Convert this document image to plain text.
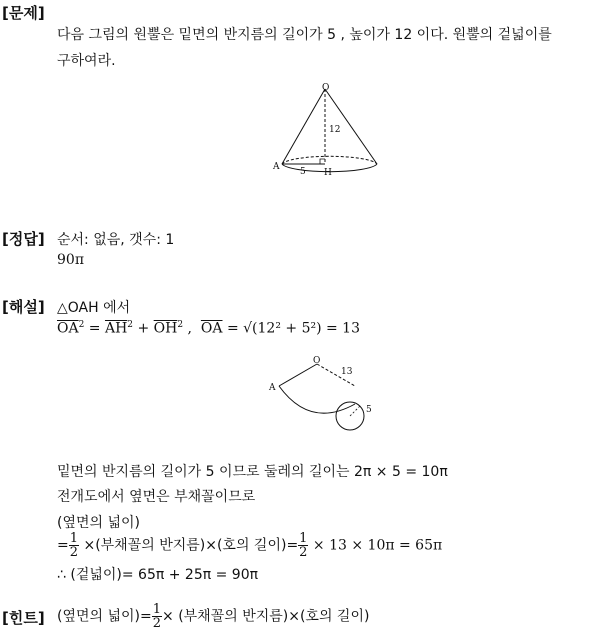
[문제]
다음 그림의 원뿔은 밑면의 반지름의 길이가 5 , 높이가 12 이다. 원뿔의 겉넓이를
구하여라.
O
A
H
12
5
[정답] 순서: 없음, 갯수: 1
90π
[해설] △OAH 에서
$\overline{OA}^2 = \overline{AH}^2 + \overline{OH}^2$ ,  $\overline{OA} = √(12^2 + 5^2) = 13$
O
A
13
5
밑면의 반지름의 길이가 5 이므로 둘레의 길이는 2π × 5 = 10π
전개도에서 옆면은 부채꼴이므로
(옆면의 넓이)
= $\frac{1}{2}$ ×(부채꼴의 반지름)×(호의 길이)= $\frac{1}{2} \times 13 \times 10\pi = 65\pi$
∴ (겉넓이)= 65π + 25π = 90π
[힌트] (옆면의 넓이)= $\frac{1}{2}$ × (부채꼴의 반지름)×(호의 길이)
